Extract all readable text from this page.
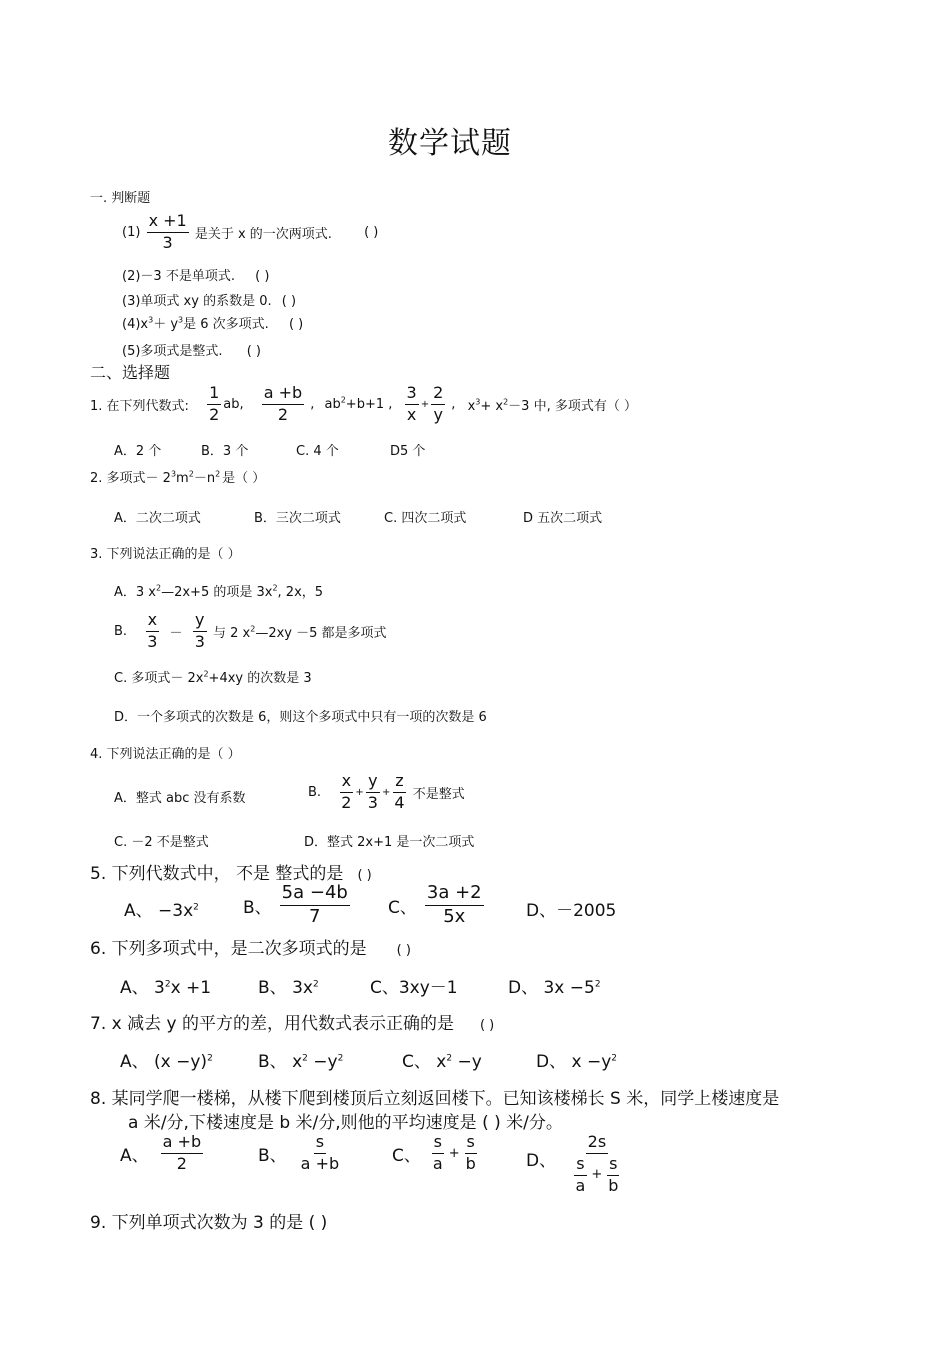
数学试题
一. 判断题
$(1) \frac{x +1}{3}$ 是关于 x 的一次两项式. ( )
(2)－3 不是单项式. ( )
(3)单项式 xy 的系数是 0. ( )
$(4)x^3+ y^3$是 6 次多项式. ( )
(5)多项式是整式. ( )
二、选择题
1. 在下列代数式: $\frac{1}{2}$ ab, $\frac{a +b}{2}$ , $ab^2+b+1$ , $\frac{3}{x} + \frac{2}{y}$ , $x^3+ x^2-3$ 中, 多项式有（ ）
A．2 个	B．3 个	C. 4 个	D5 个
2. 多项式－ $2^3m^2-n^2$ 是（ ）
A．二次二项式	B．三次二项式	C. 四次二项式	D 五次二项式
3. 下列说法正确的是（ ）
A．3 $x^2—2x+5$ 的项是 $3x^2$, 2x，5
B. $\frac{x}{3} - \frac{y}{3}$ 与 2 $x^2—2xy -5$ 都是多项式
C. 多项式－ $2x^2+4xy$ 的次数是 3
D．一个多项式的次数是 6，则这个多项式中只有一项的次数是 6
4. 下列说法正确的是（ ）
A．整式 abc 没有系数	B. $\frac{x}{2} + \frac{y}{3} + \frac{z}{4}$ 不是整式
C. －2 不是整式	D．整式 2x+1 是一次二项式
5. 下列代数式中， 不是 整式的是 ( )
A、 $-3x^2$	B、 $\frac{5a -4b}{7}$ C、 $\frac{3a +2}{5x}$ D、－2005
6. 下列多项式中，是二次多项式的是 ( )
A、 $3^2x +1$	B、 $3x^2$	C、3xy－1	D、 $3x -5^2$
7. x 减去 y 的平方的差，用代数式表示正确的是 ( )
A、 $(x -y)^2$	B、 $x^2 -y^2$	C、 $x^2 -y$	D、 $x -y^2$
8. 某同学爬一楼梯，从楼下爬到楼顶后立刻返回楼下。已知该楼梯长 S 米，同学上楼速度是
a 米/分,下楼速度是 b 米/分,则他的平均速度是 ( ) 米/分。
A、 $\frac{a +b}{2}$	B、 $\frac{s}{a +b}$	C、 $\frac{s}{a} + \frac{s}{b}$	D、 $\frac{2s}{\frac{s}{a} + \frac{s}{b}}$
9. 下列单项式次数为 3 的是 ( )
